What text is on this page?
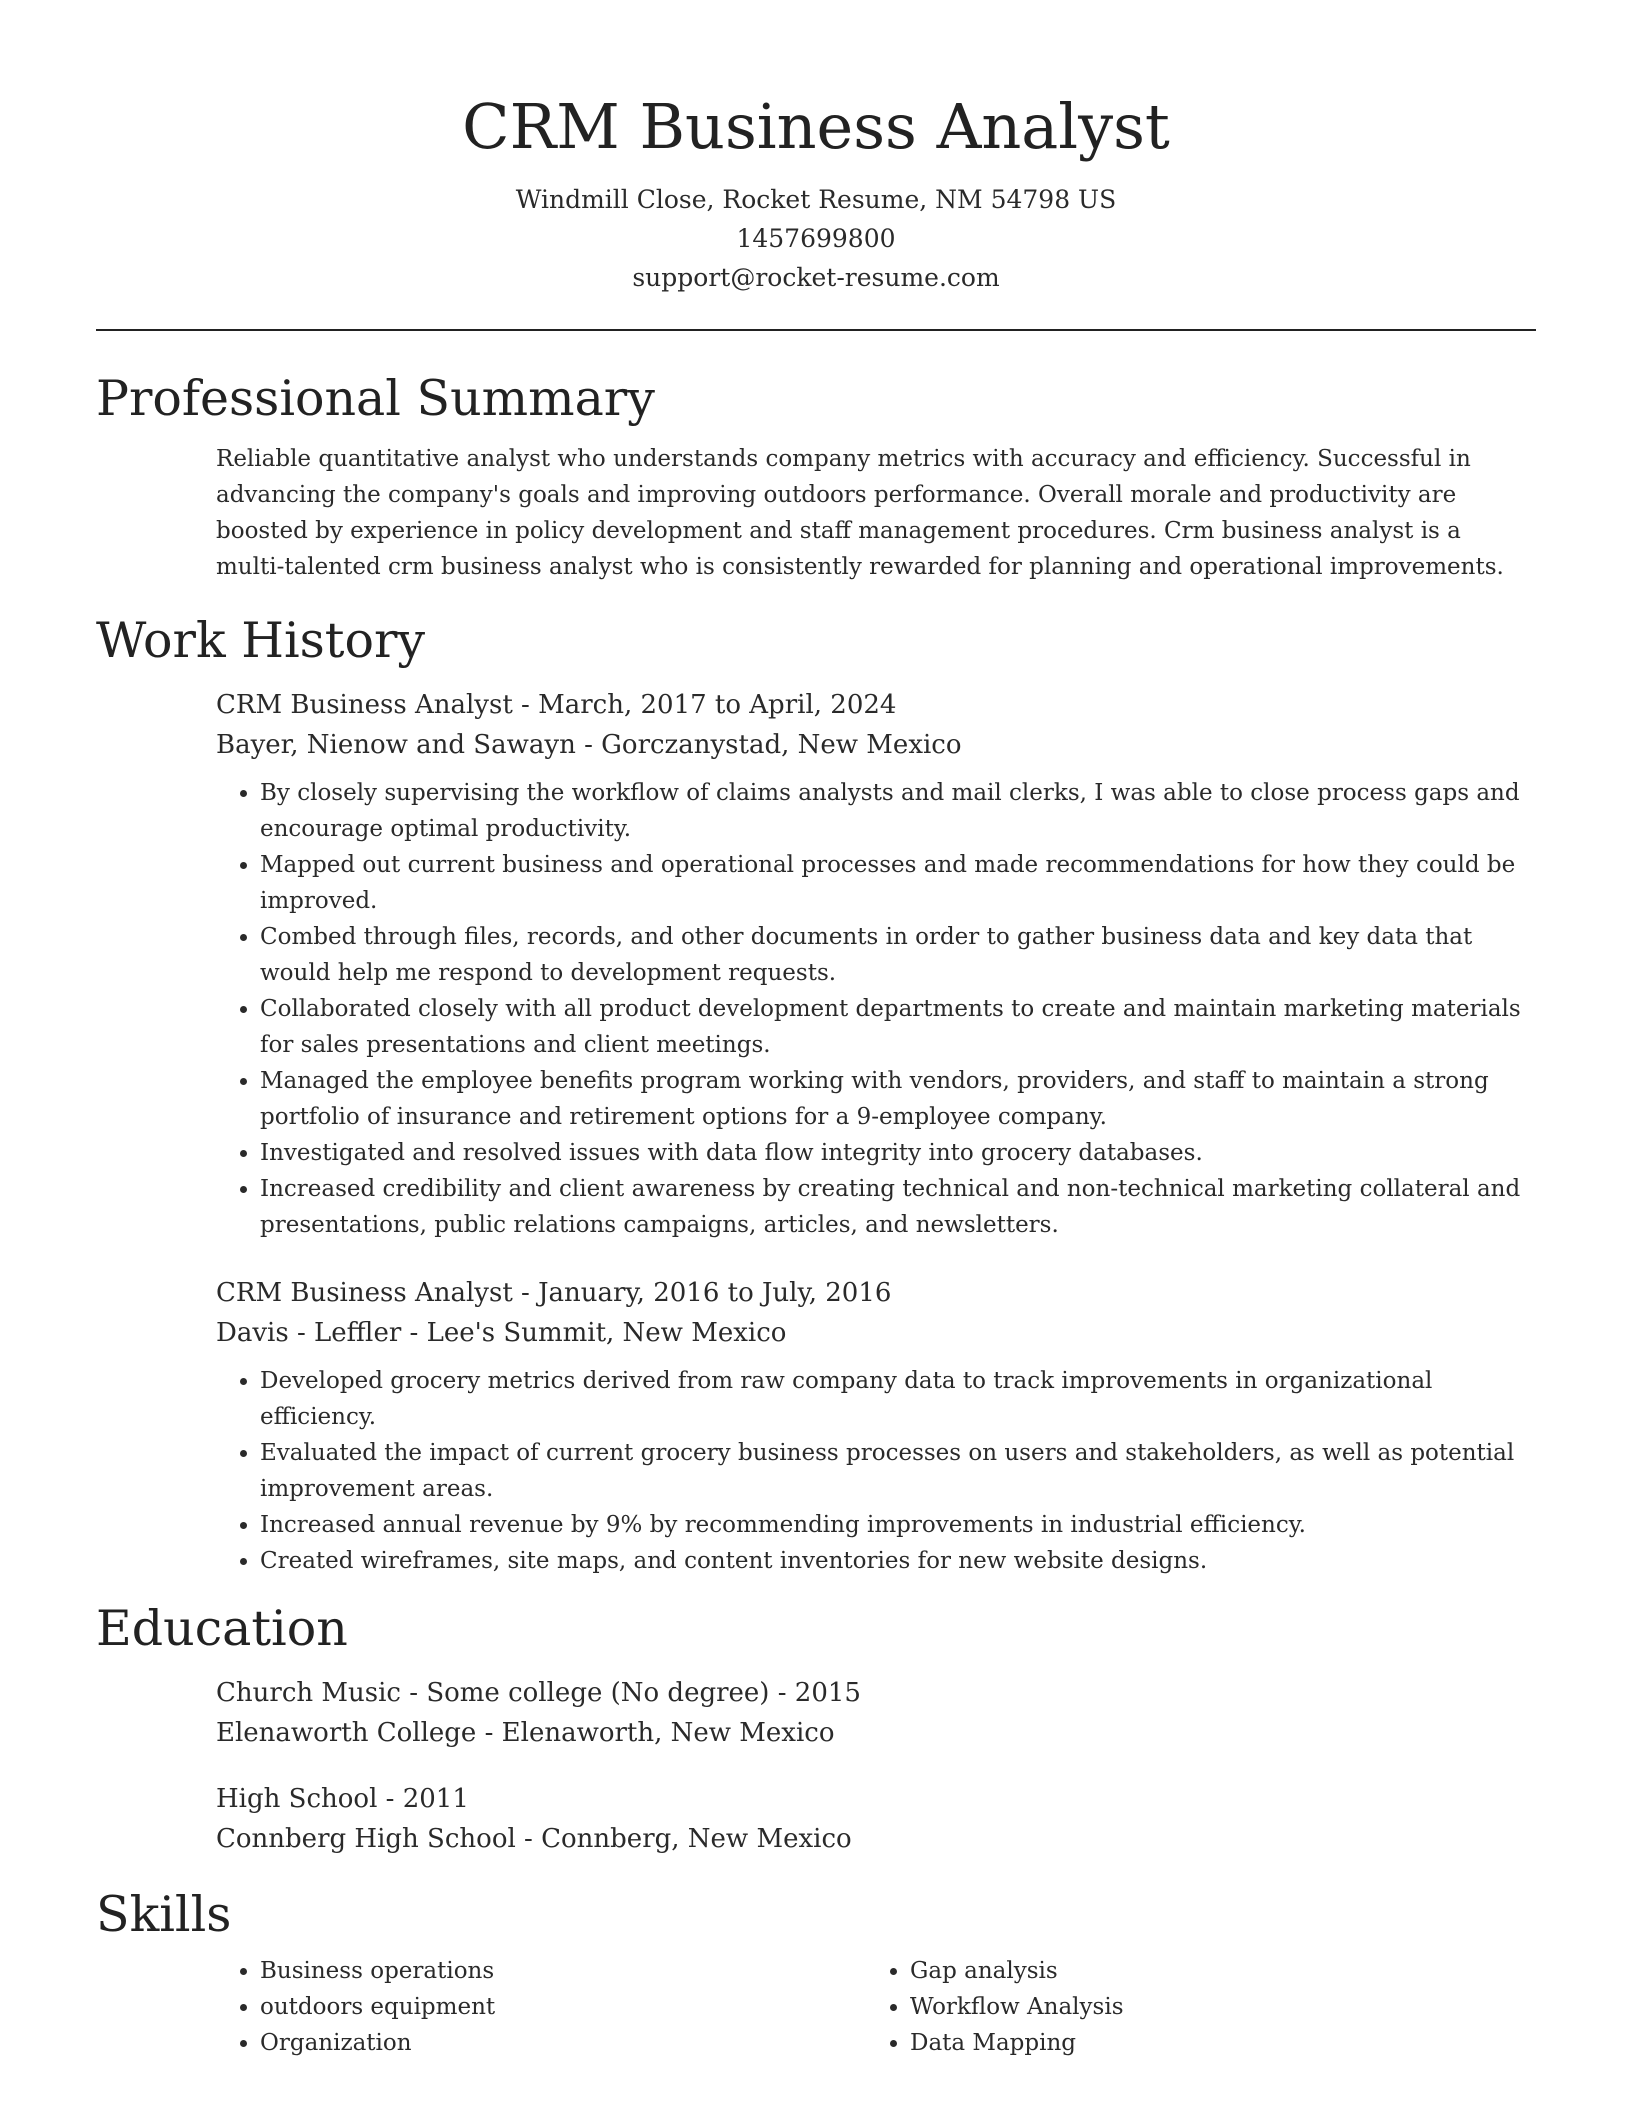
CRM Business Analyst
Windmill Close, Rocket Resume, NM 54798 US
1457699800
support@rocket-resume.com
Professional Summary

Reliable quantitative analyst who understands company metrics with accuracy and efficiency. Successful in advancing the company's goals and improving outdoors performance. Overall morale and productivity are boosted by experience in policy development and staff management procedures. Crm business analyst is a multi-talented crm business analyst who is consistently rewarded for planning and operational improvements.

Work History
CRM Business Analyst - March, 2017 to April, 2024
Bayer, Nienow and Sawayn - Gorczanystad, New Mexico
• By closely supervising the workflow of claims analysts and mail clerks, I was able to close process gaps and encourage optimal productivity.
• Mapped out current business and operational processes and made recommendations for how they could be improved.
• Combed through files, records, and other documents in order to gather business data and key data that would help me respond to development requests.
• Collaborated closely with all product development departments to create and maintain marketing materials for sales presentations and client meetings.
• Managed the employee benefits program working with vendors, providers, and staff to maintain a strong portfolio of insurance and retirement options for a 9-employee company.
• Investigated and resolved issues with data flow integrity into grocery databases.
• Increased credibility and client awareness by creating technical and non-technical marketing collateral and presentations, public relations campaigns, articles, and newsletters.
CRM Business Analyst - January, 2016 to July, 2016
Davis - Leffler - Lee's Summit, New Mexico
• Developed grocery metrics derived from raw company data to track improvements in organizational efficiency.
• Evaluated the impact of current grocery business processes on users and stakeholders, as well as potential improvement areas.
• Increased annual revenue by 9% by recommending improvements in industrial efficiency.
• Created wireframes, site maps, and content inventories for new website designs.
Education
Church Music - Some college (No degree) - 2015
Elenaworth College - Elenaworth, New Mexico
High School - 2011
Connberg High School - Connberg, New Mexico
Skills
• Business operations
• outdoors equipment
• Organization
• Gap analysis
• Workflow Analysis
• Data Mapping
